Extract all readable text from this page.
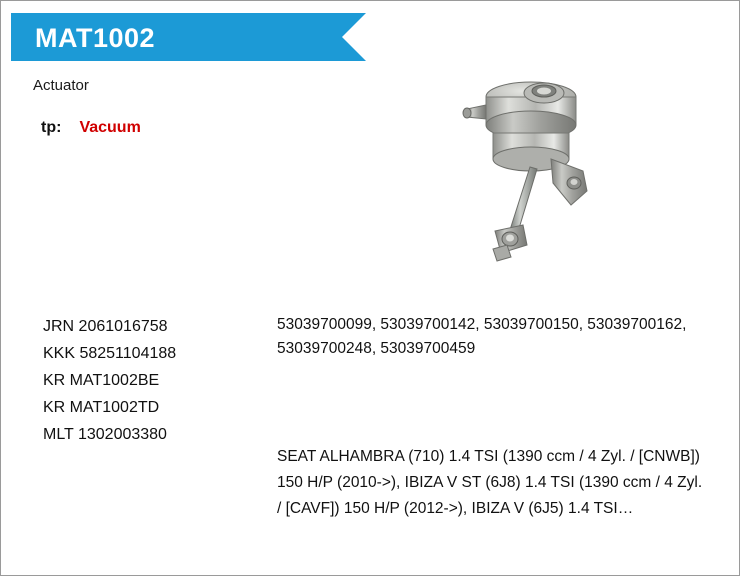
MAT1002
Actuator
tp: Vacuum
JRN 2061016758
KKK 58251104188
KR MAT1002BE
KR MAT1002TD
MLT 1302003380
53039700099, 53039700142, 53039700150, 53039700162, 53039700248, 53039700459
SEAT ALHAMBRA (710) 1.4 TSI (1390 ccm / 4 Zyl. / [CNWB]) 150 H/P (2010->), IBIZA V ST (6J8) 1.4 TSI (1390 ccm / 4 Zyl. / [CAVF]) 150 H/P (2012->), IBIZA V (6J5) 1.4 TSI…
